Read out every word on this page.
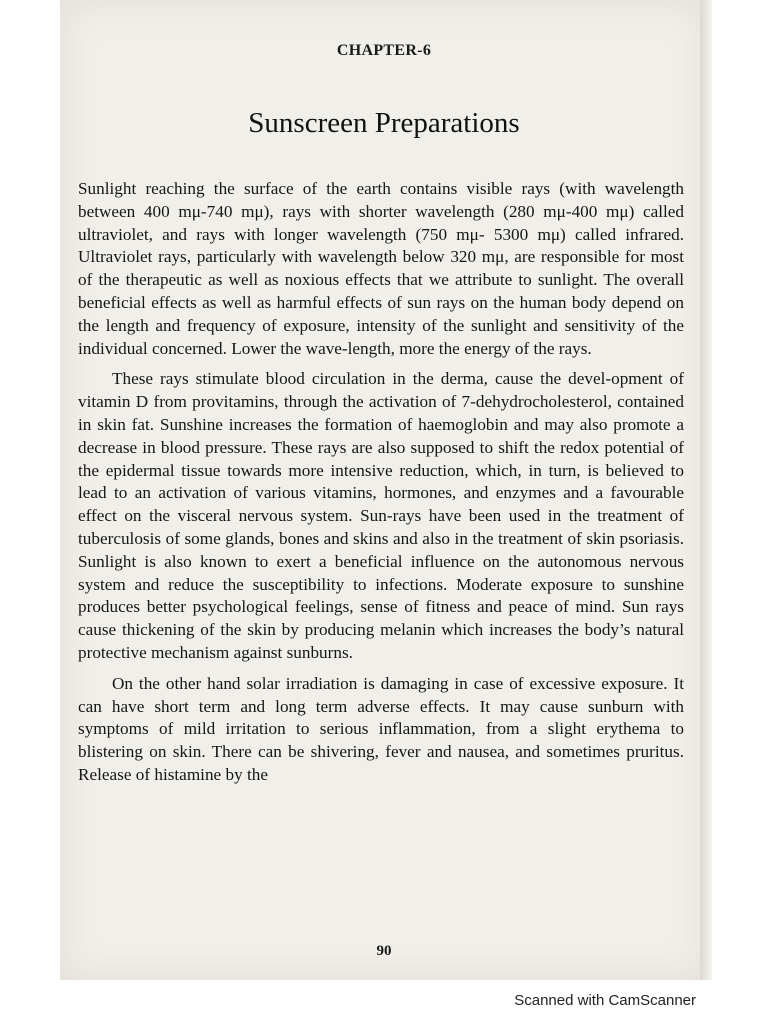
CHAPTER-6
Sunscreen Preparations

Sunlight reaching the surface of the earth contains visible rays (with wavelength between 400 mμ-740 mμ), rays with shorter wavelength (280 mμ-400 mμ) called ultraviolet, and rays with longer wavelength (750 mμ- 5300 mμ) called infrared. Ultraviolet rays, particularly with wavelength below 320 mμ, are responsible for most of the therapeutic as well as noxious effects that we attribute to sunlight. The overall beneficial effects as well as harmful effects of sun rays on the human body depend on the length and frequency of exposure, intensity of the sunlight and sensitivity of the individual concerned. Lower the wave-length, more the energy of the rays.

These rays stimulate blood circulation in the derma, cause the devel-opment of vitamin D from provitamins, through the activation of 7-dehydrocholesterol, contained in skin fat. Sunshine increases the formation of haemoglobin and may also promote a decrease in blood pressure. These rays are also supposed to shift the redox potential of the epidermal tissue towards more intensive reduction, which, in turn, is believed to lead to an activation of various vitamins, hormones, and enzymes and a favourable effect on the visceral nervous system. Sun-rays have been used in the treatment of tuberculosis of some glands, bones and skins and also in the treatment of skin psoriasis. Sunlight is also known to exert a beneficial influence on the autonomous nervous system and reduce the susceptibility to infections. Moderate exposure to sunshine produces better psychological feelings, sense of fitness and peace of mind. Sun rays cause thickening of the skin by producing melanin which increases the body’s natural protective mechanism against sunburns.

On the other hand solar irradiation is damaging in case of excessive exposure. It can have short term and long term adverse effects. It may cause sunburn with symptoms of mild irritation to serious inflammation, from a slight erythema to blistering on skin. There can be shivering, fever and nausea, and sometimes pruritus. Release of histamine by the

90
Scanned with CamScanner
